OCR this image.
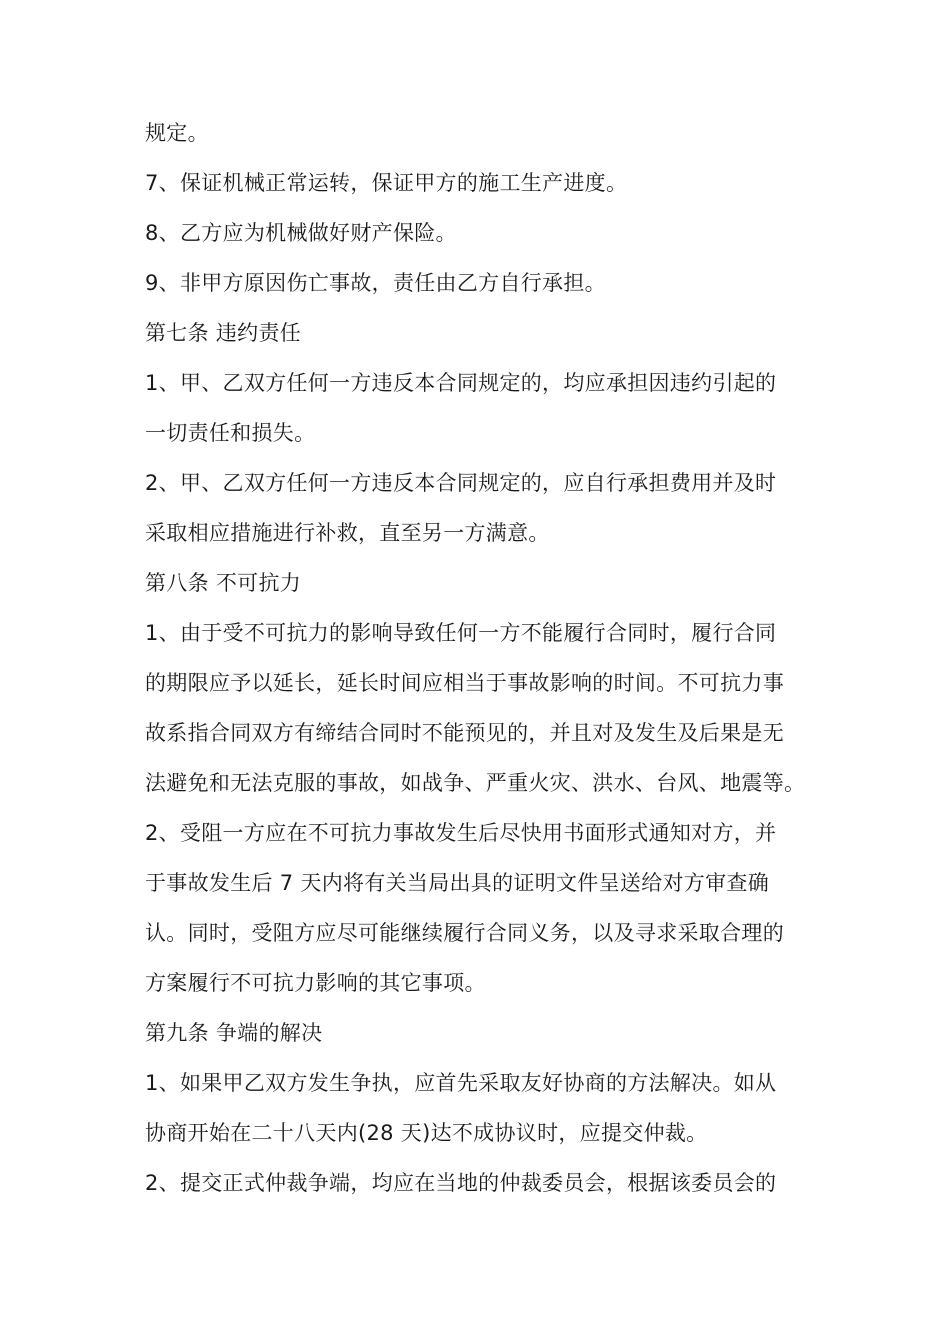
规定。
7、保证机械正常运转，保证甲方的施工生产进度。
8、乙方应为机械做好财产保险。
9、非甲方原因伤亡事故，责任由乙方自行承担。
第七条 违约责任
1、甲、乙双方任何一方违反本合同规定的，均应承担因违约引起的
一切责任和损失。
2、甲、乙双方任何一方违反本合同规定的，应自行承担费用并及时
采取相应措施进行补救，直至另一方满意。
第八条 不可抗力
1、由于受不可抗力的影响导致任何一方不能履行合同时，履行合同
的期限应予以延长，延长时间应相当于事故影响的时间。不可抗力事
故系指合同双方有缔结合同时不能预见的，并且对及发生及后果是无
法避免和无法克服的事故，如战争、严重火灾、洪水、台风、地震等。
2、受阻一方应在不可抗力事故发生后尽快用书面形式通知对方，并
于事故发生后 7 天内将有关当局出具的证明文件呈送给对方审查确
认。同时，受阻方应尽可能继续履行合同义务，以及寻求采取合理的
方案履行不可抗力影响的其它事项。
第九条 争端的解决
1、如果甲乙双方发生争执，应首先采取友好协商的方法解决。如从
协商开始在二十八天内(28 天)达不成协议时，应提交仲裁。
2、提交正式仲裁争端，均应在当地的仲裁委员会，根据该委员会的
